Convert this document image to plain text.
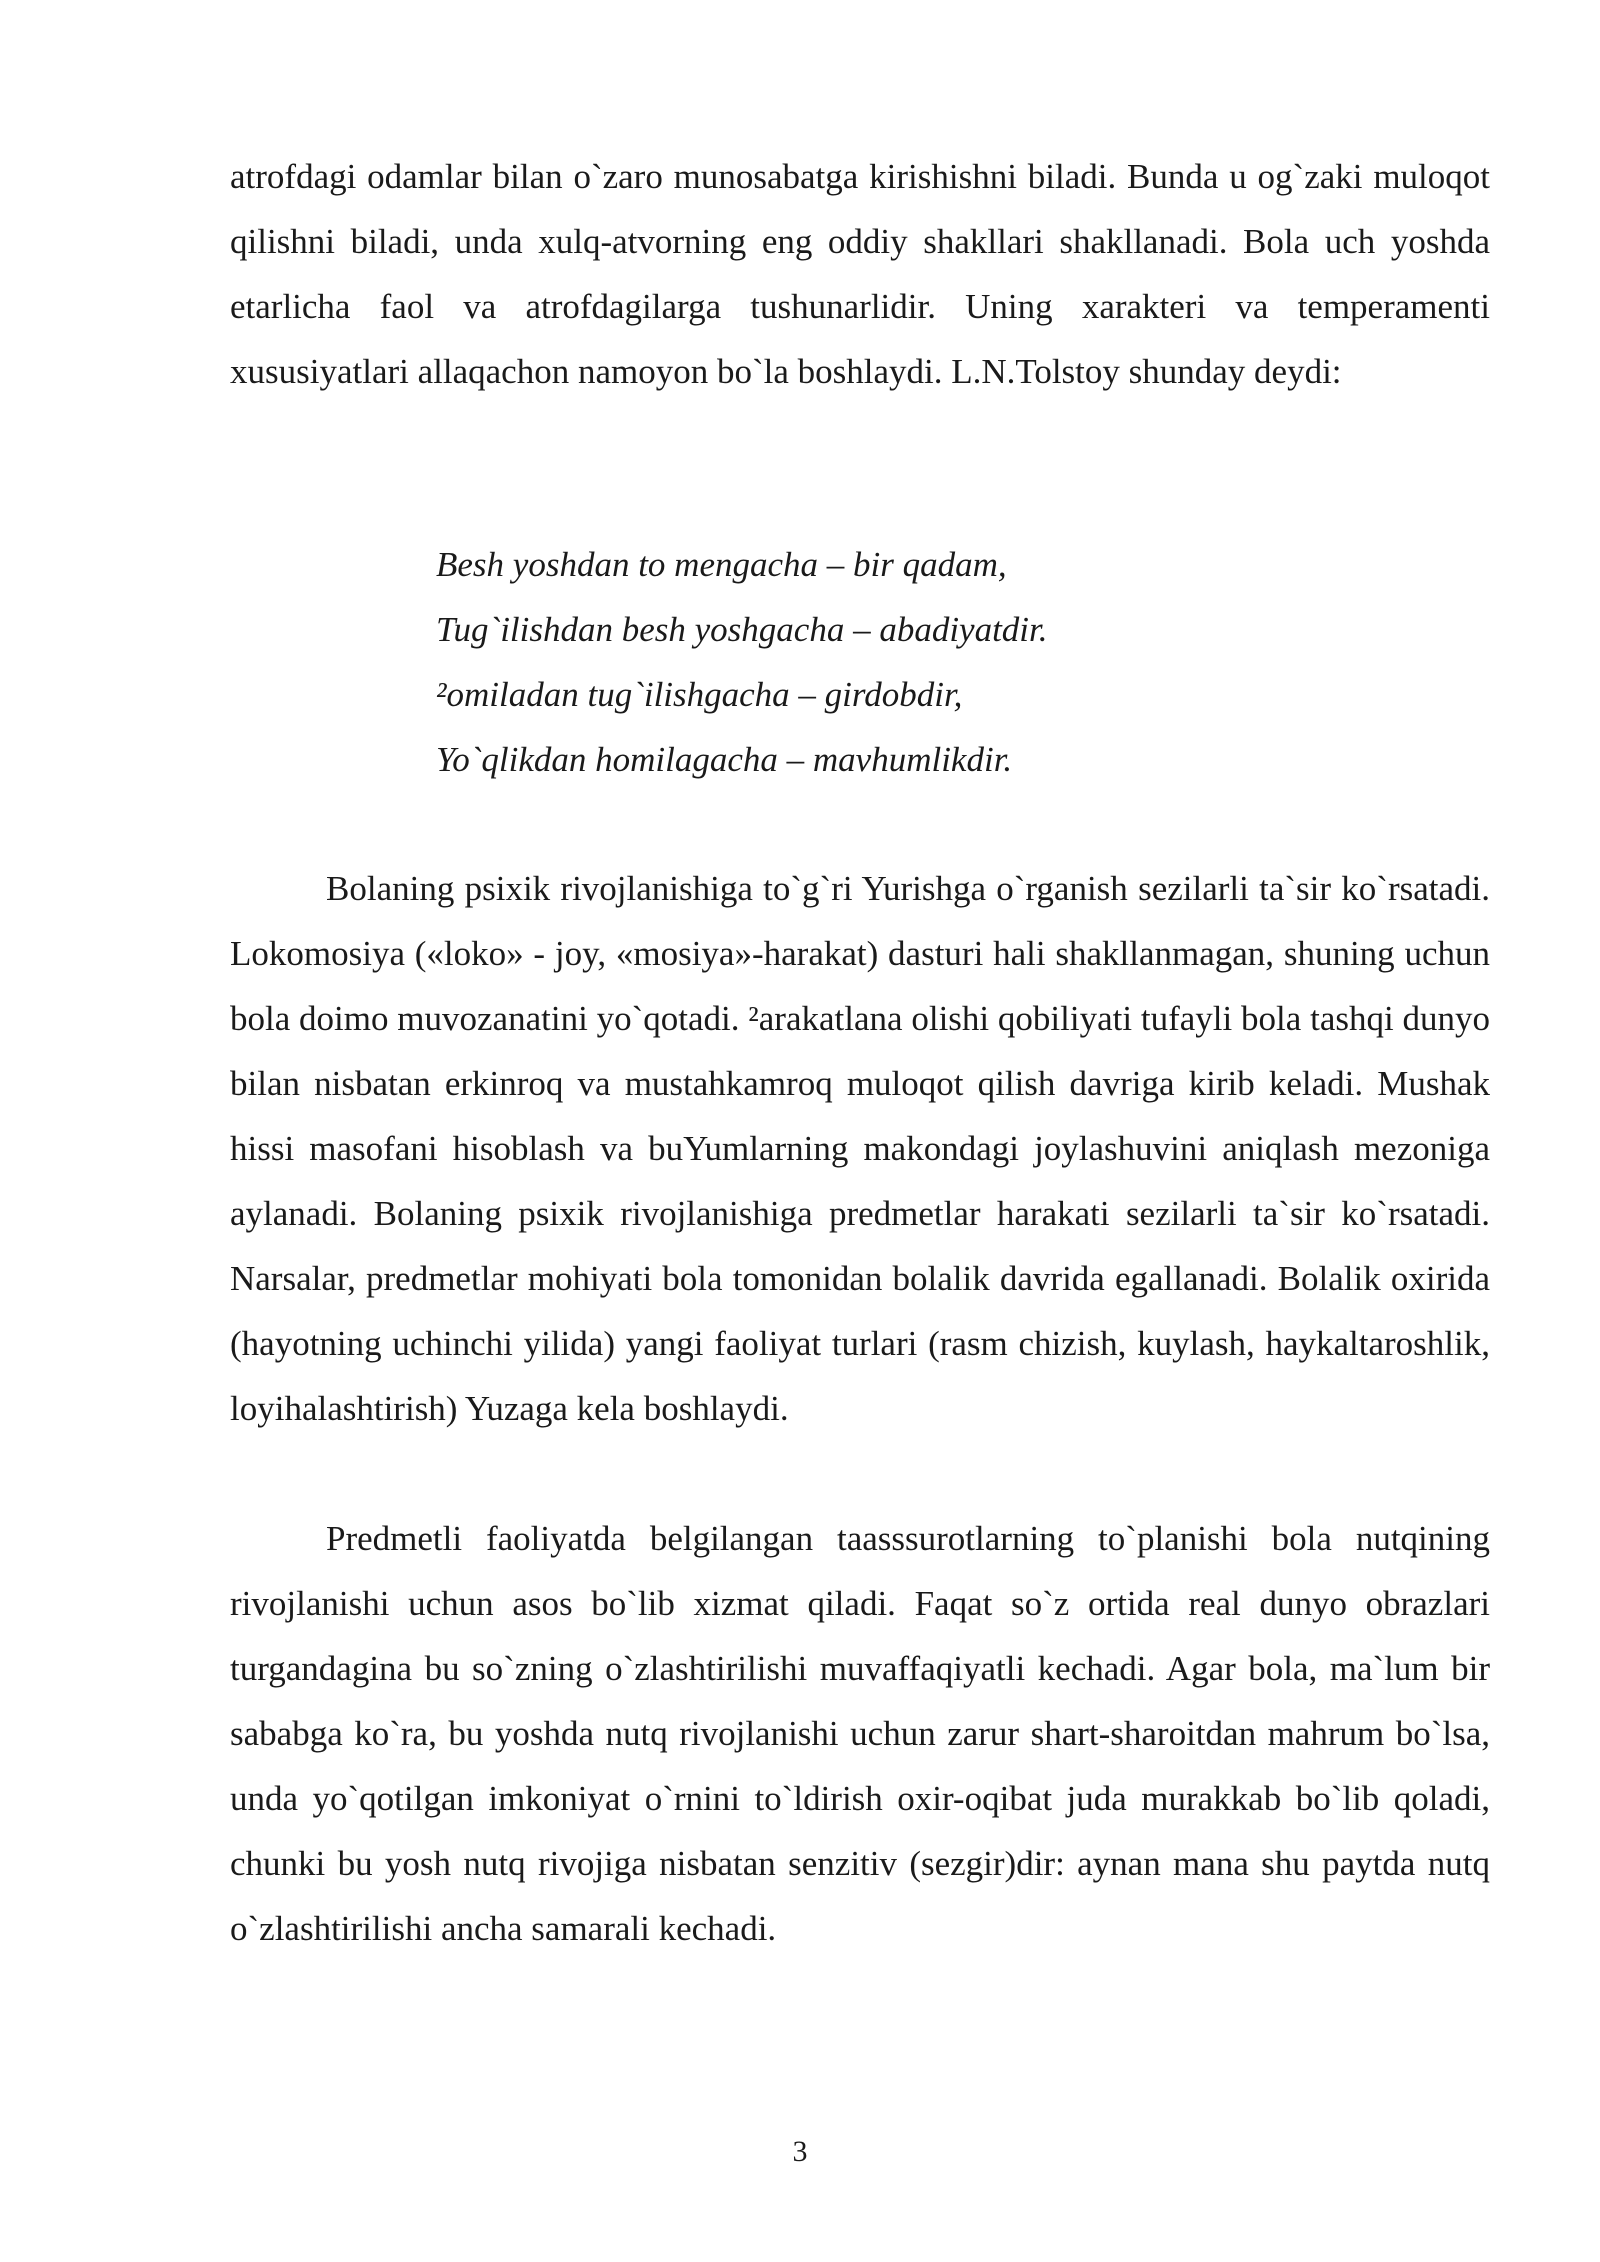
atrofdagi odamlar bilan o`zaro munosabatga kirishishni biladi. Bunda u og`zaki muloqot qilishni biladi, unda xulq-atvorning eng oddiy shakllari shakllanadi. Bola uch yoshda etarlicha faol va atrofdagilarga tushunarlidir. Uning xarakteri va temperamenti xususiyatlari allaqachon namoyon bo`la boshlaydi. L.N.Tolstoy shunday deydi:

Besh yoshdan to mengacha – bir qadam,
Tug`ilishdan besh yoshgacha – abadiyatdir.
²omiladan tug`ilishgacha – girdobdir,
Yo`qlikdan homilagacha – mavhumlikdir.

Bolaning psixik rivojlanishiga to`g`ri Yurishga o`rganish sezilarli ta`sir ko`rsatadi. Lokomosiya («loko» - joy, «mosiya»-harakat) dasturi hali shakllanmagan, shuning uchun bola doimo muvozanatini yo`qotadi. ²arakatlana olishi qobiliyati tufayli bola tashqi dunyo bilan nisbatan erkinroq va mustahkamroq muloqot qilish davriga kirib keladi. Mushak hissi masofani hisoblash va buYumlarning makondagi joylashuvini aniqlash mezoniga aylanadi. Bolaning psixik rivojlanishiga predmetlar harakati sezilarli ta`sir ko`rsatadi. Narsalar, predmetlar mohiyati bola tomonidan bolalik davrida egallanadi. Bolalik oxirida (hayotning uchinchi yilida) yangi faoliyat turlari (rasm chizish, kuylash, haykaltaroshlik, loyihalashtirish) Yuzaga kela boshlaydi.

Predmetli faoliyatda belgilangan taasssurotlarning to`planishi bola nutqining rivojlanishi uchun asos bo`lib xizmat qiladi. Faqat so`z ortida real dunyo obrazlari turgandagina bu so`zning o`zlashtirilishi muvaffaqiyatli kechadi. Agar bola, ma`lum bir sababga ko`ra, bu yoshda nutq rivojlanishi uchun zarur shart-sharoitdan mahrum bo`lsa, unda yo`qotilgan imkoniyat o`rnini to`ldirish oxir-oqibat juda murakkab bo`lib qoladi, chunki bu yosh nutq rivojiga nisbatan senzitiv (sezgir)dir: aynan mana shu paytda nutq o`zlashtirilishi ancha samarali kechadi.

3
